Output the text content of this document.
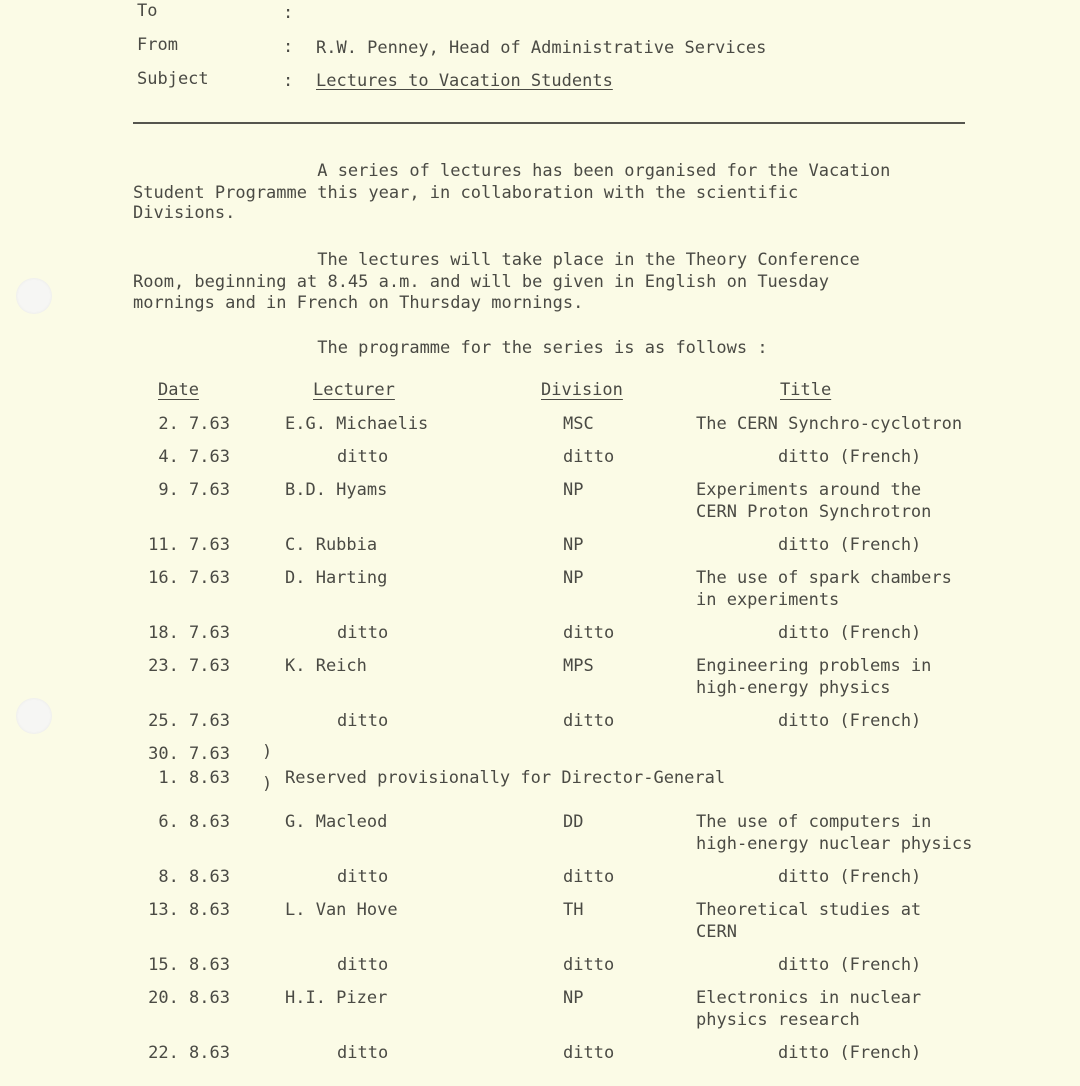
To	:
From	: R.W. Penney, Head of Administrative Services
Subject	: Lectures to Vacation Students
A series of lectures has been organised for the Vacation
Student Programme this year, in collaboration with the scientific
Divisions.
The lectures will take place in the Theory Conference
Room, beginning at 8.45 a.m. and will be given in English on Tuesday
mornings and in French on Thursday mornings.
The programme for the series is as follows :
Date	Lecturer	Division	Title
2. 7.63	E.G. Michaelis	MSC	The CERN Synchro-cyclotron
4. 7.63	ditto	ditto	ditto (French)
9. 7.63	B.D. Hyams	NP	Experiments around the
CERN Proton Synchrotron
11. 7.63	C. Rubbia	NP	ditto (French)
16. 7.63	D. Harting	NP	The use of spark chambers
in experiments
18. 7.63	ditto	ditto	ditto (French)
23. 7.63	K. Reich	MPS	Engineering problems in
high-energy physics
25. 7.63	ditto	ditto	ditto (French)
30. 7.63
1. 8.63	Reserved provisionally for Director-General
6. 8.63	G. Macleod	DD	The use of computers in
high-energy nuclear physics
8. 8.63	ditto	ditto	ditto (French)
13. 8.63	L. Van Hove	TH	Theoretical studies at
CERN
15. 8.63	ditto	ditto	ditto (French)
20. 8.63	H.I. Pizer	NP	Electronics in nuclear
physics research
22. 8.63	ditto	ditto	ditto (French)
)
)
